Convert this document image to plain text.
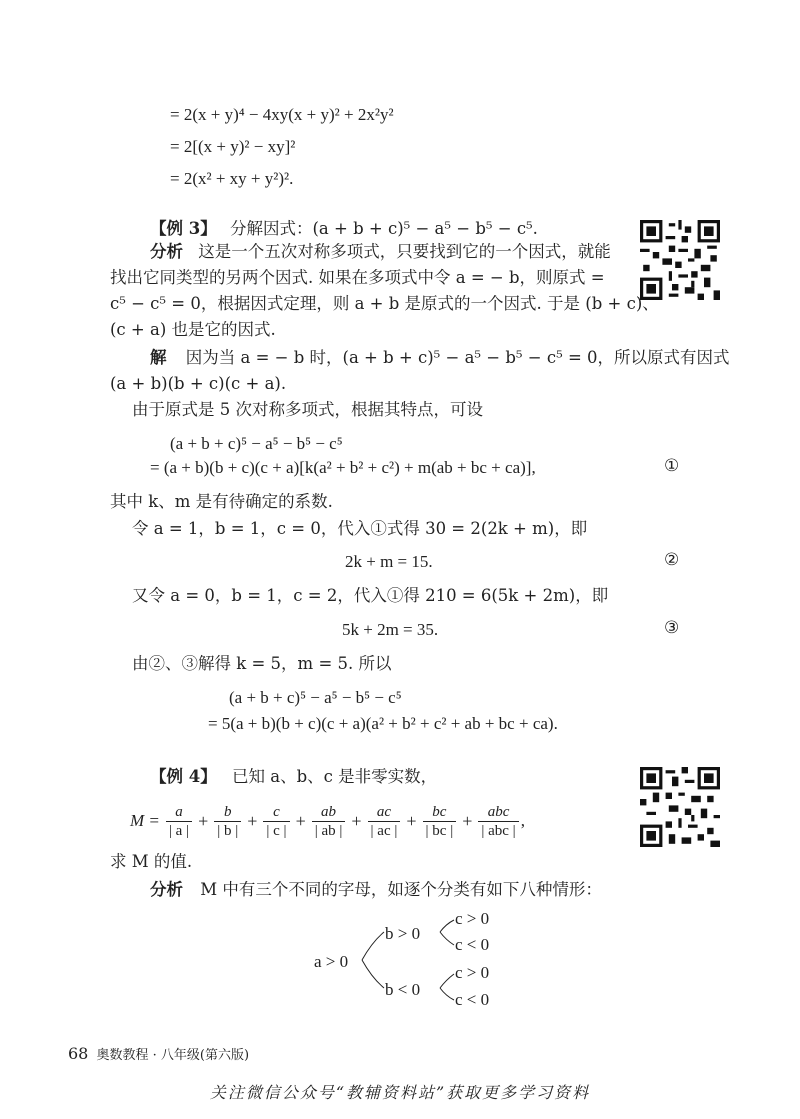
= 2(x + y)⁴ − 4xy(x + y)² + 2x²y²
= 2[(x + y)² − xy]²
= 2(x² + xy + y²)².
【例 3】 分解因式：(a + b + c)⁵ − a⁵ − b⁵ − c⁵.
分析 这是一个五次对称多项式，只要找到它的一个因式，就能
找出它同类型的另两个因式. 如果在多项式中令 a = − b，则原式 =
c⁵ − c⁵ = 0，根据因式定理，则 a + b 是原式的一个因式. 于是 (b + c)、
(c + a) 也是它的因式.
解 因为当 a = − b 时，(a + b + c)⁵ − a⁵ − b⁵ − c⁵ = 0，所以原式有因式
(a + b)(b + c)(c + a).
由于原式是 5 次对称多项式，根据其特点，可设
(a + b + c)⁵ − a⁵ − b⁵ − c⁵
= (a + b)(b + c)(c + a)[k(a² + b² + c²) + m(ab + bc + ca)],	①
其中 k、m 是有待确定的系数.
令 a = 1，b = 1，c = 0，代入①式得 30 = 2(2k + m)，即
2k + m = 15.	②
又令 a = 0，b = 1，c = 2，代入①得 210 = 6(5k + 2m)，即
5k + 2m = 35.	③
由②、③解得 k = 5，m = 5. 所以
(a + b + c)⁵ − a⁵ − b⁵ − c⁵
= 5(a + b)(b + c)(c + a)(a² + b² + c² + ab + bc + ca).
【例 4】 已知 a、b、c 是非零实数，
$M = \frac{a}{| a |} + \frac{b}{| b |} + \frac{c}{| c |} + \frac{ab}{| ab |} + \frac{ac}{| ac |} + \frac{bc}{| bc |} + \frac{\text{abc}}{\text{| abc |}}$ ,
求 M 的值.
分析 M 中有三个不同的字母，如逐个分类有如下八种情形：
a > 0
b > 0
b < 0
c > 0
c < 0
c > 0
c < 0
68 奥数教程 · 八年级(第六版)
关注微信公众号“教辅资料站”获取更多学习资料
